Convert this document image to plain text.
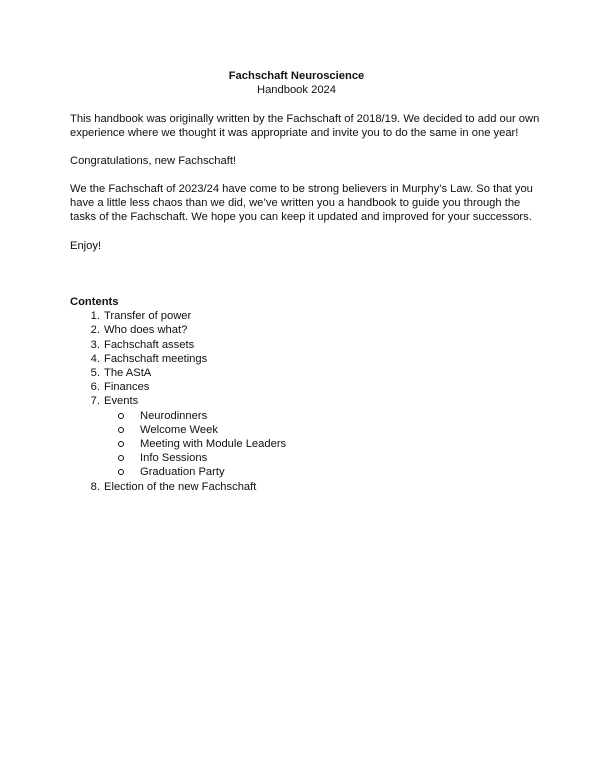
Fachschaft Neuroscience
Handbook 2024
This handbook was originally written by the Fachschaft of 2018/19. We decided to add our own
experience where we thought it was appropriate and invite you to do the same in one year!
Congratulations, new Fachschaft!
We the Fachschaft of 2023/24 have come to be strong believers in Murphy’s Law. So that you
have a little less chaos than we did, we’ve written you a handbook to guide you through the
tasks of the Fachschaft. We hope you can keep it updated and improved for your successors.
Enjoy!
Contents
1. Transfer of power
2. Who does what?
3. Fachschaft assets
4. Fachschaft meetings
5. The AStA
6. Finances
7. Events
Neurodinners
Welcome Week
Meeting with Module Leaders
Info Sessions
Graduation Party
8. Election of the new Fachschaft
